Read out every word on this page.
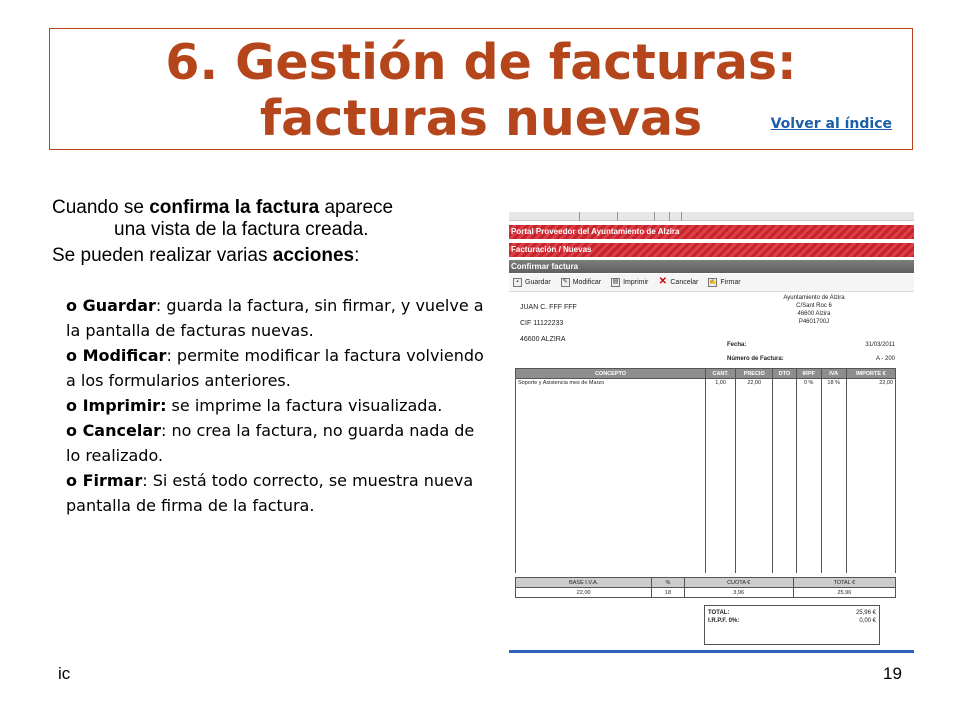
6. Gestión de facturas:
facturas nuevas	Volver al índice

Cuando se confirma la factura aparece
una vista de la factura creada.

Se pueden realizar varias acciones:

o Guardar: guarda la factura, sin firmar, y vuelve a la pantalla de facturas nuevas.
o Modificar: permite modificar la factura volviendo a los formularios anteriores.
o Imprimir: se imprime la factura visualizada.
o Cancelar: no crea la factura, no guarda nada de lo realizado.
o Firmar: Si está todo correcto, se muestra nueva pantalla de firma de la factura.
Portal Proveedor del Ayuntamiento de Alzira
Facturación / Nuevas
Confirmar factura
▪ Guardar	✎ Modificar ▤ Imprimir ✕ Cancelar ✍ Firmar
JUAN C. FFF FFF
CIF 11122233
46600 ALZIRA
Ayuntamiento de Alzira
C/Sant Roc 6
46600 Alzira
P4601700J
Fecha:	31/03/2011
Número de Factura:	A - 200
CONCEPTO	CANT.	PRECIO	DTO	IRPF	IVA	IMPORTE €
Soporte y Asistencia mes de Marzo	1,00	22,00		0 %	18 %	22,00
BASE I.V.A.	%	CUOTA €	TOTAL €
22,00	18	3,96	25,96
TOTAL:	25,96 €
I.R.P.F. 0%:	0,00 €
ic	19
